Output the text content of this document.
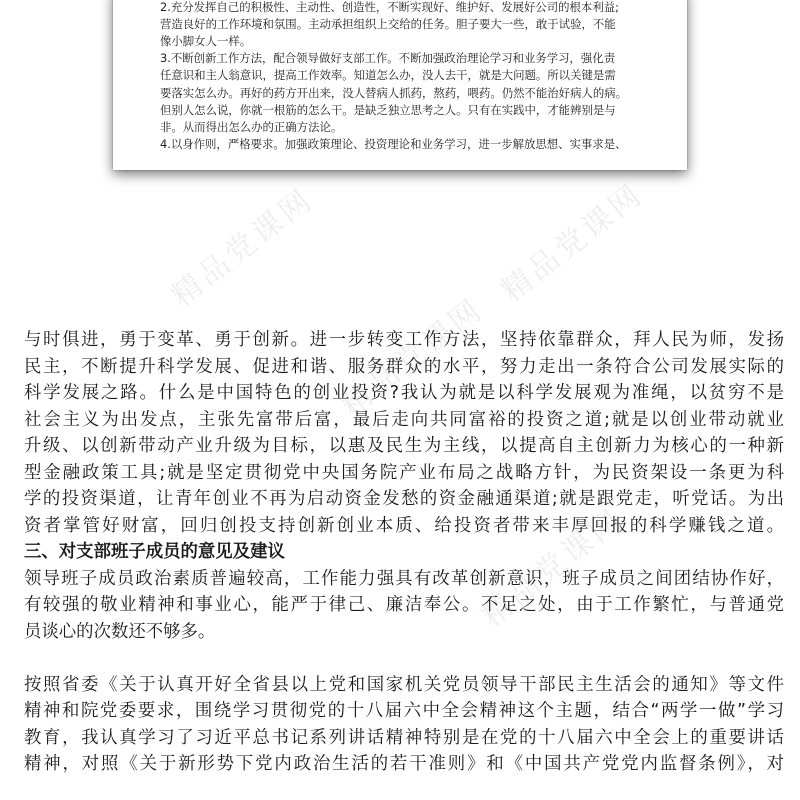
2.充分发挥自己的积极性、主动性、创造性，不断实现好、维护好、发展好公司的根本利益;
营造良好的工作环境和氛围。主动承担组织上交给的任务。胆子要大一些，敢于试验，不能
像小脚女人一样。
3.不断创新工作方法，配合领导做好支部工作。不断加强政治理论学习和业务学习，强化责
任意识和主人翁意识，提高工作效率。知道怎么办，没人去干，就是大问题。所以关键是需
要落实怎么办。再好的药方开出来，没人替病人抓药，熬药，喂药。仍然不能治好病人的病。
但别人怎么说，你就一根筋的怎么干。是缺乏独立思考之人。只有在实践中，才能辨别是与
非。从而得出怎么办的正确方法论。
4.以身作则，严格要求。加强政策理论、投资理论和业务学习，进一步解放思想、实事求是、
精品党课网	精品党课网
精品党课网
精品党课网
与时俱进，勇于变革、勇于创新。进一步转变工作方法，坚持依靠群众，拜人民为师，发扬
民主，不断提升科学发展、促进和谐、服务群众的水平，努力走出一条符合公司发展实际的
科学发展之路。什么是中国特色的创业投资?我认为就是以科学发展观为准绳，以贫穷不是
社会主义为出发点，主张先富带后富，最后走向共同富裕的投资之道;就是以创业带动就业
升级、以创新带动产业升级为目标，以惠及民生为主线，以提高自主创新力为核心的一种新
型金融政策工具;就是坚定贯彻党中央国务院产业布局之战略方针，为民资架设一条更为科
学的投资渠道，让青年创业不再为启动资金发愁的资金融通渠道;就是跟党走，听党话。为出
资者掌管好财富，回归创投支持创新创业本质、给投资者带来丰厚回报的科学赚钱之道。
三、对支部班子成员的意见及建议
领导班子成员政治素质普遍较高，工作能力强具有改革创新意识，班子成员之间团结协作好，
有较强的敬业精神和事业心，能严于律己、廉洁奉公。不足之处，由于工作繁忙，与普通党
员谈心的次数还不够多。
按照省委《关于认真开好全省县以上党和国家机关党员领导干部民主生活会的通知》等文件
精神和院党委要求，围绕学习贯彻党的十八届六中全会精神这个主题，结合“两学一做”学习
教育，我认真学习了习近平总书记系列讲话精神特别是在党的十八届六中全会上的重要讲话
精神，对照《关于新形势下党内政治生活的若干准则》和《中国共产党党内监督条例》，对
